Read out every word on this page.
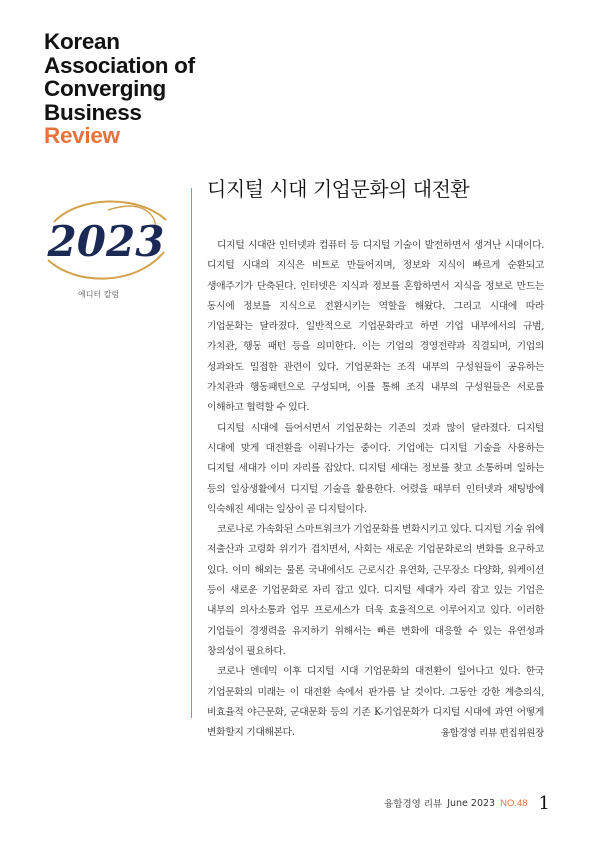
Korean
Association of
Converging
Business
Review
2023
에디터 칼럼
디지털 시대 기업문화의 대전환

디지털 시대란 인터넷과 컴퓨터 등 디지털 기술이 발전하면서 생겨난 시대이다. 디지털 시대의 지식은 비트로 만들어지며, 정보와 지식이 빠르게 순환되고 생애주기가 단축된다. 인터넷은 지식과 정보를 혼합하면서 지식을 정보로 만드는 동시에 정보를 지식으로 전환시키는 역할을 해왔다. 그리고 시대에 따라 기업문화는 달라졌다. 일반적으로 기업문화라고 하면 기업 내부에서의 규범, 가치관, 행동 패턴 등을 의미한다. 이는 기업의 경영전략과 직결되며, 기업의 성과와도 밀접한 관련이 있다. 기업문화는 조직 내부의 구성원들이 공유하는 가치관과 행동패턴으로 구성되며, 이를 통해 조직 내부의 구성원들은 서로를 이해하고 협력할 수 있다.

디지털 시대에 들어서면서 기업문화는 기존의 것과 많이 달라졌다. 디지털 시대에 맞게 대전환을 이뤄나가는 중이다. 기업에는 디지털 기술을 사용하는 디지털 세대가 이미 자리를 잡았다. 디지털 세대는 정보를 찾고 소통하며 일하는 등의 일상생활에서 디지털 기술을 활용한다. 어렸을 때부터 인터넷과 채팅방에 익숙해진 세대는 일상이 곧 디지털이다.

코로나로 가속화된 스마트워크가 기업문화를 변화시키고 있다. 디지털 기술 위에 저출산과 고령화 위기가 겹치면서, 사회는 새로운 기업문화로의 변화를 요구하고 있다. 이미 해외는 물론 국내에서도 근로시간 유연화, 근무장소 다양화, 워케이션 등이 새로운 기업문화로 자리 잡고 있다. 디지털 세대가 자리 잡고 있는 기업은 내부의 의사소통과 업무 프로세스가 더욱 효율적으로 이루어지고 있다. 이러한 기업들이 경쟁력을 유지하기 위해서는 빠른 변화에 대응할 수 있는 유연성과 창의성이 필요하다.

코로나 엔데믹 이후 디지털 시대 기업문화의 대전환이 일어나고 있다. 한국 기업문화의 미래는 이 대전환 속에서 판가름 날 것이다. 그동안 강한 계층의식, 비효율적 야근문화, 군대문화 등의 기존 K-기업문화가 디지털 시대에 과연 어떻게 변화할지 기대해본다.	융합경영 리뷰 편집위원장
융합경영 리뷰 June 2023 NO.48 1
